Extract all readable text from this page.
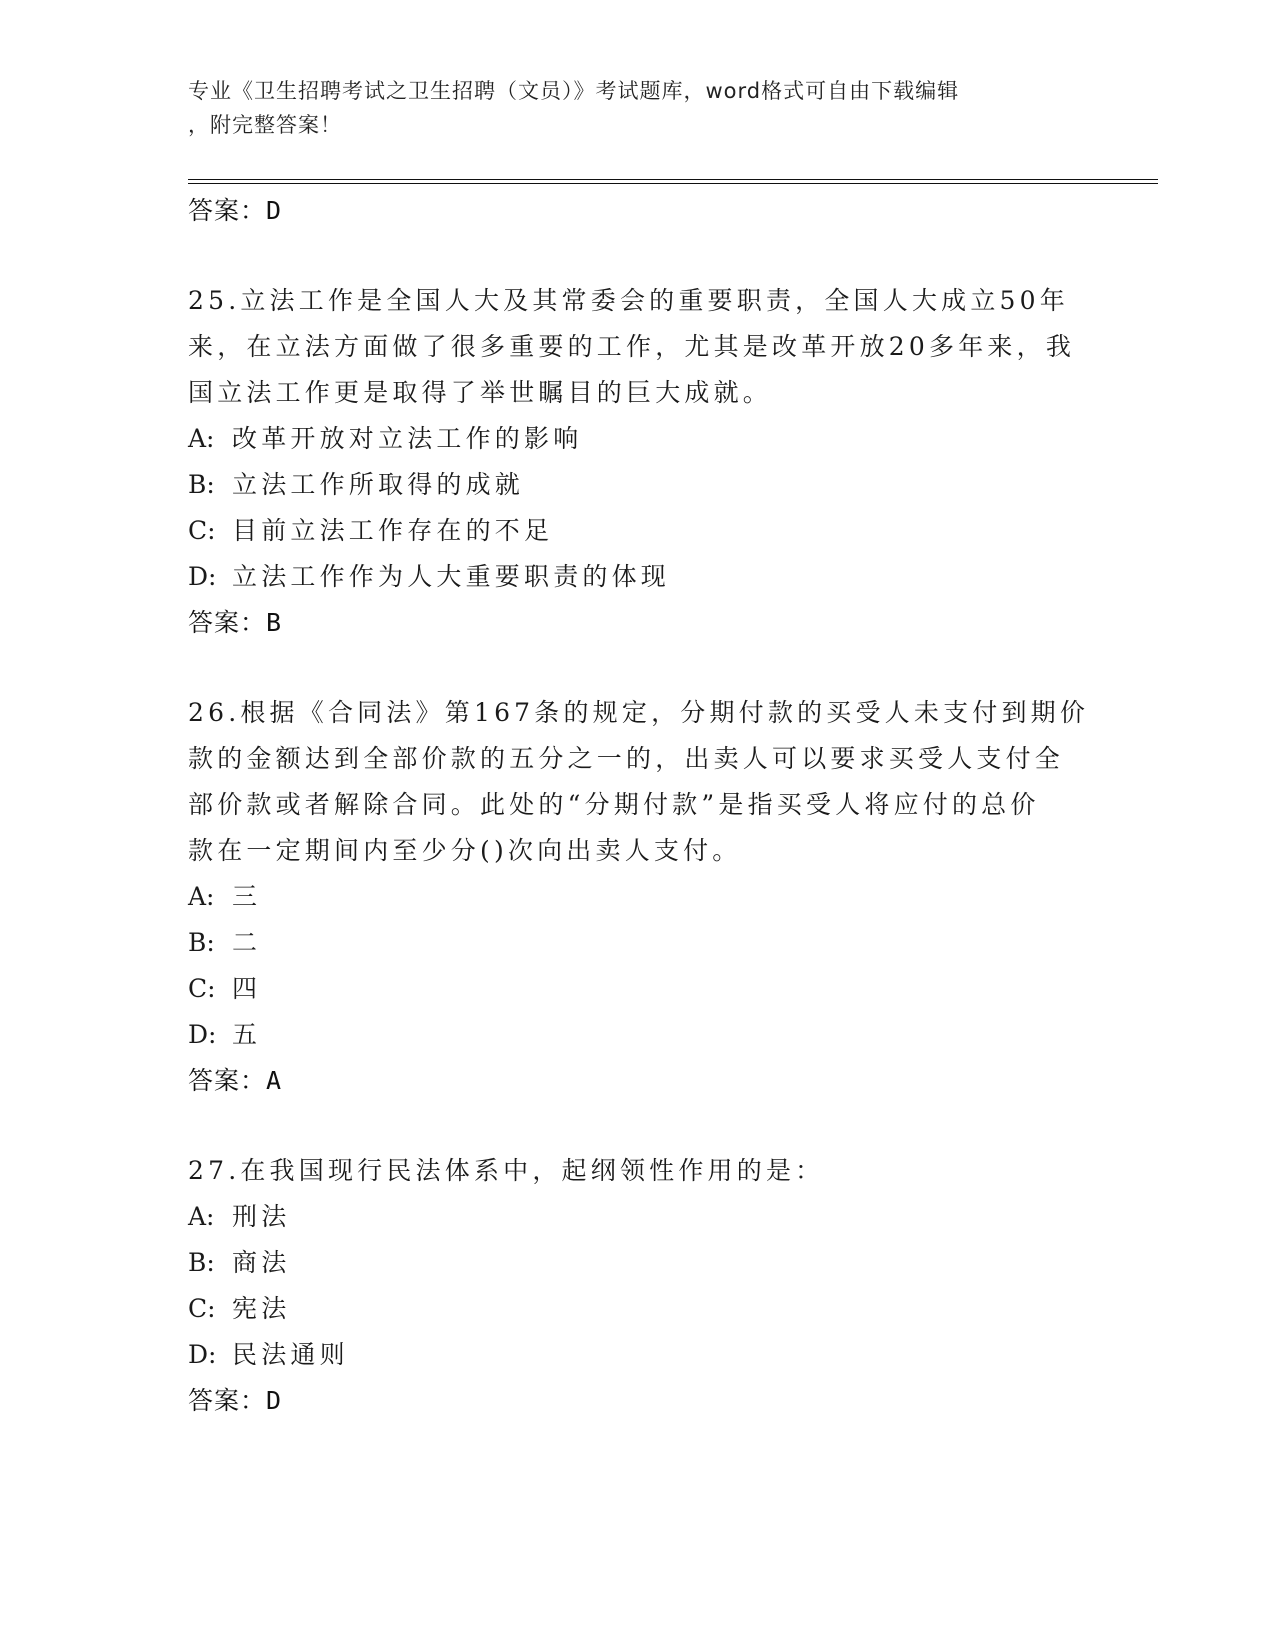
专业《卫生招聘考试之卫生招聘（文员）》考试题库，word格式可自由下载编辑
，附完整答案！
答案：D
25.立法工作是全国人大及其常委会的重要职责，全国人大成立50年
来，在立法方面做了很多重要的工作，尤其是改革开放20多年来，我
国立法工作更是取得了举世瞩目的巨大成就。
A: 改革开放对立法工作的影响
B: 立法工作所取得的成就
C: 目前立法工作存在的不足
D: 立法工作作为人大重要职责的体现
答案：B
26.根据《合同法》第167条的规定，分期付款的买受人未支付到期价
款的金额达到全部价款的五分之一的，出卖人可以要求买受人支付全
部价款或者解除合同。此处的“分期付款”是指买受人将应付的总价
款在一定期间内至少分()次向出卖人支付。
A: 三
B: 二
C: 四
D: 五
答案：A
27.在我国现行民法体系中，起纲领性作用的是：
A: 刑法
B: 商法
C: 宪法
D: 民法通则
答案：D
